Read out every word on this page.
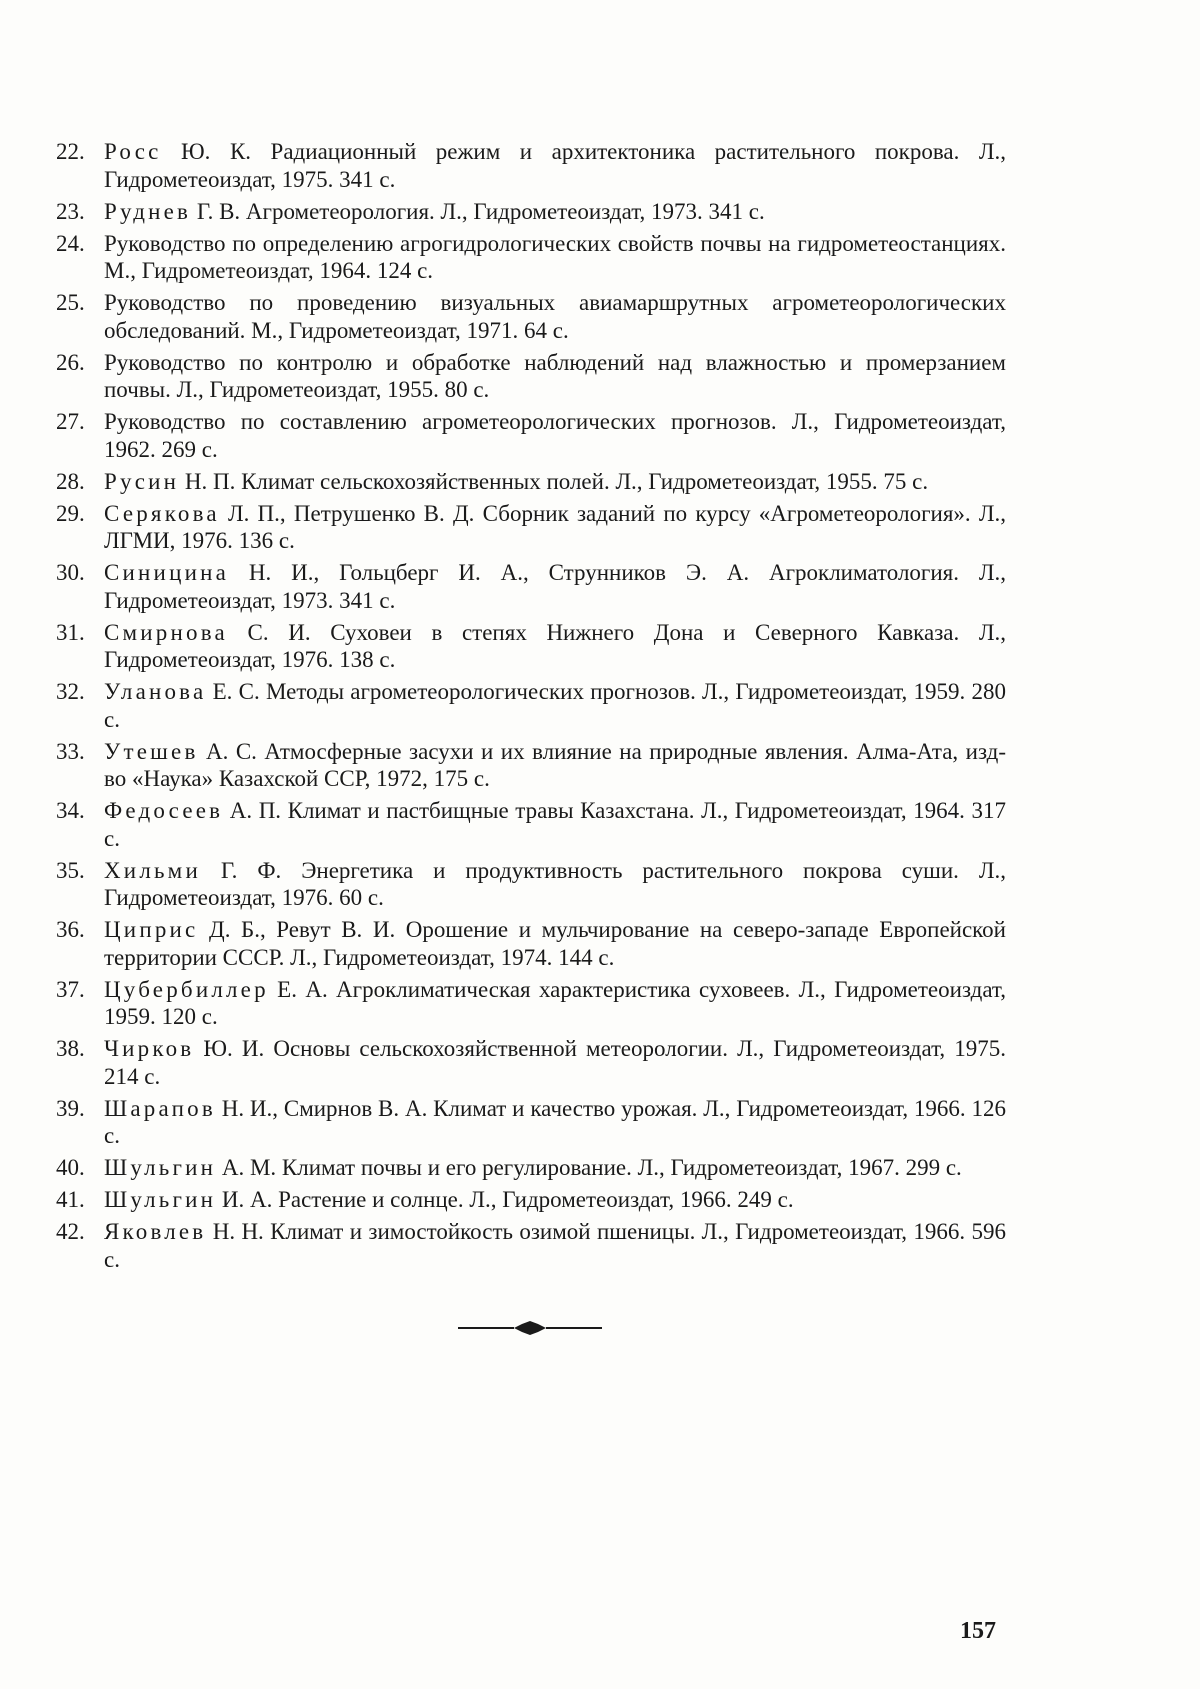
22. Росс Ю. К. Радиационный режим и архитектоника растительного покрова. Л., Гидрометеоиздат, 1975. 341 с.
23. Руднев Г. В. Агрометеорология. Л., Гидрометеоиздат, 1973. 341 с.
24. Руководство по определению агрогидрологических свойств почвы на гидрометеостанциях. М., Гидрометеоиздат, 1964. 124 с.
25. Руководство по проведению визуальных авиамаршрутных агрометеорологических обследований. М., Гидрометеоиздат, 1971. 64 с.
26. Руководство по контролю и обработке наблюдений над влажностью и промерзанием почвы. Л., Гидрометеоиздат, 1955. 80 с.
27. Руководство по составлению агрометеорологических прогнозов. Л., Гидрометеоиздат, 1962. 269 с.
28. Русин Н. П. Климат сельскохозяйственных полей. Л., Гидрометеоиздат, 1955. 75 с.
29. Серякова Л. П., Петрушенко В. Д. Сборник заданий по курсу «Агрометеорология». Л., ЛГМИ, 1976. 136 с.
30. Синицина Н. И., Гольцберг И. А., Струнников Э. А. Агроклиматология. Л., Гидрометеоиздат, 1973. 341 с.
31. Смирнова С. И. Суховеи в степях Нижнего Дона и Северного Кавказа. Л., Гидрометеоиздат, 1976. 138 с.
32. Уланова Е. С. Методы агрометеорологических прогнозов. Л., Гидрометеоиздат, 1959. 280 с.
33. Утешев А. С. Атмосферные засухи и их влияние на природные явления. Алма-Ата, изд-во «Наука» Казахской ССР, 1972, 175 с.
34. Федосеев А. П. Климат и пастбищные травы Казахстана. Л., Гидрометеоиздат, 1964. 317 с.
35. Хильми Г. Ф. Энергетика и продуктивность растительного покрова суши. Л., Гидрометеоиздат, 1976. 60 с.
36. Циприс Д. Б., Ревут В. И. Орошение и мульчирование на северо-западе Европейской территории СССР. Л., Гидрометеоиздат, 1974. 144 с.
37. Цубербиллер Е. А. Агроклиматическая характеристика суховеев. Л., Гидрометеоиздат, 1959. 120 с.
38. Чирков Ю. И. Основы сельскохозяйственной метеорологии. Л., Гидрометеоиздат, 1975. 214 с.
39. Шарапов Н. И., Смирнов В. А. Климат и качество урожая. Л., Гидрометеоиздат, 1966. 126 с.
40. Шульгин А. М. Климат почвы и его регулирование. Л., Гидрометеоиздат, 1967. 299 с.
41. Шульгин И. А. Растение и солнце. Л., Гидрометеоиздат, 1966. 249 с.
42. Яковлев Н. Н. Климат и зимостойкость озимой пшеницы. Л., Гидрометеоиздат, 1966. 596 с.
157
